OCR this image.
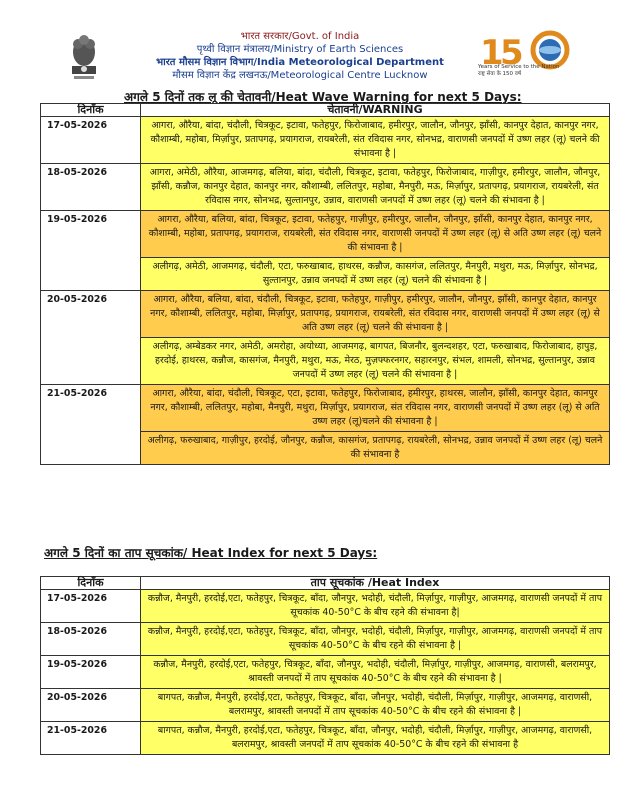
भारत सरकार/Govt. of India
पृथ्वी विज्ञान मंत्रालय/Ministry of Earth Sciences
भारत मौसम विज्ञान विभाग/India Meteorological Department
मौसम विज्ञान केंद्र लखनऊ/Meteorological Centre Lucknow
1
5
Years of Service to the Nation
राष्ट्र सेवा के 150 वर्ष
अगले 5 दिनों तक लू की चेतावनी/Heat Wave Warning for next 5 Days:
दिनाँक	चेतावनी/WARNING
17-05-2026	आगरा, औरैया, बांदा, चंदौली, चित्रकूट, इटावा, फतेहपुर, फिरोजाबाद, हमीरपुर, जालौन, जौनपुर, झाँसी, कानपुर देहात, कानपुर नगर, कौशाम्बी, महोबा, मिर्ज़ापुर, प्रतापगढ़, प्रयागराज, रायबरेली, संत रविदास नगर, सोनभद्र, वाराणसी जनपदों में उष्ण लहर (लू) चलने की संभावना है |
18-05-2026	आगरा, अमेठी, औरैया, आजमगढ़, बलिया, बांदा, चंदौली, चित्रकूट, इटावा, फतेहपुर, फिरोजाबाद, गाज़ीपुर, हमीरपुर, जालौन, जौनपुर, झाँसी, कन्नौज, कानपुर देहात, कानपुर नगर, कौशाम्बी, ललितपुर, महोबा, मैनपुरी, मऊ, मिर्ज़ापुर, प्रतापगढ़, प्रयागराज, रायबरेली, संत रविदास नगर, सोनभद्र, सुल्तानपुर, उन्नाव, वाराणसी जनपदों में उष्ण लहर (लू) चलने की संभावना है |
19-05-2026	आगरा, औरैया, बलिया, बांदा, चित्रकूट, इटावा, फतेहपुर, गाज़ीपुर, हमीरपुर, जालौन, जौनपुर, झाँसी, कानपुर देहात, कानपुर नगर, कौशाम्बी, महोबा, प्रतापगढ़, प्रयागराज, रायबरेली, संत रविदास नगर, वाराणसी जनपदों में उष्ण लहर (लू) से अति उष्ण लहर (लू) चलने की संभावना है |
	अलीगढ़, अमेठी, आजमगढ़, चंदौली, एटा, फरुखाबाद, हाथरस, कन्नौज, कासगंज, ललितपुर, मैनपुरी, मथुरा, मऊ, मिर्ज़ापुर, सोनभद्र, सुल्तानपुर, उन्नाव जनपदों में उष्ण लहर (लू) चलने की संभावना है |
20-05-2026	आगरा, औरैया, बलिया, बांदा, चंदौली, चित्रकूट, इटावा, फतेहपुर, गाज़ीपुर, हमीरपुर, जालौन, जौनपुर, झाँसी, कानपुर देहात, कानपुर नगर, कौशाम्बी, ललितपुर, महोबा, मिर्ज़ापुर, प्रतापगढ़, प्रयागराज, रायबरेली, संत रविदास नगर, वाराणसी जनपदों में उष्ण लहर (लू) से अति उष्ण लहर (लू) चलने की संभावना है |
	अलीगढ़, अम्बेडकर नगर, अमेठी, अमरोहा, अयोध्या, आजमगढ़, बागपत, बिजनौर, बुलन्दशहर, एटा, फरुखाबाद, फिरोजाबाद, हापुड़, हरदोई, हाथरस, कन्नौज, कासगंज, मैनपुरी, मथुरा, मऊ, मेरठ, मुज़फ्फरनगर, सहारनपुर, संभल, शामली, सोनभद्र, सुल्तानपुर, उन्नाव जनपदों में उष्ण लहर (लू) चलने की संभावना है |
21-05-2026	आगरा, औरैया, बांदा, चंदौली, चित्रकूट, एटा, इटावा, फतेहपुर, फिरोजाबाद, हमीरपुर, हाथरस, जालौन, झाँसी, कानपुर देहात, कानपुर नगर, कौशाम्बी, ललितपुर, महोबा, मैनपुरी, मथुरा, मिर्ज़ापुर, प्रयागराज, संत रविदास नगर, वाराणसी जनपदों में उष्ण लहर (लू) से अति उष्ण लहर (लू)चलने की संभावना है |
	अलीगढ़, फरुखाबाद, गाज़ीपुर, हरदोई, जौनपुर, कन्नौज, कासगंज, प्रतापगढ़, रायबरेली, सोनभद्र, उन्नाव जनपदों में उष्ण लहर (लू) चलने की संभावना है
अगले 5 दिनों का ताप सूचकांक/ Heat Index for next 5 Days:
दिनाँक	ताप सूचकांक /Heat Index
17-05-2026	कन्नौज, मैनपुरी, हरदोई,एटा, फतेहपुर, चित्रकूट, बाँदा, जौनपुर, भदोही, चंदौली, मिर्ज़ापुर, गाज़ीपुर, आजमगढ़, वाराणसी जनपदों में ताप सूचकांक 40-50°C के बीच रहने की संभावना है|
18-05-2026	कन्नौज, मैनपुरी, हरदोई,एटा, फतेहपुर, चित्रकूट, बाँदा, जौनपुर, भदोही, चंदौली, मिर्ज़ापुर, गाज़ीपुर, आजमगढ़, वाराणसी जनपदों में ताप सूचकांक 40-50°C के बीच रहने की संभावना है |
19-05-2026	कन्नौज, मैनपुरी, हरदोई,एटा, फतेहपुर, चित्रकूट, बाँदा, जौनपुर, भदोही, चंदौली, मिर्ज़ापुर, गाज़ीपुर, आजमगढ़, वाराणसी, बलरामपुर, श्रावस्ती जनपदों में ताप सूचकांक 40-50°C के बीच रहने की संभावना है |
20-05-2026	बागपत, कन्नौज, मैनपुरी, हरदोई,एटा, फतेहपुर, चित्रकूट, बाँदा, जौनपुर, भदोही, चंदौली, मिर्ज़ापुर, गाज़ीपुर, आजमगढ़, वाराणसी, बलरामपुर, श्रावस्ती जनपदों में ताप सूचकांक 40-50°C के बीच रहने की संभावना है |
21-05-2026	बागपत, कन्नौज, मैनपुरी, हरदोई,एटा, फतेहपुर, चित्रकूट, बाँदा, जौनपुर, भदोही, चंदौली, मिर्ज़ापुर, गाज़ीपुर, आजमगढ़, वाराणसी, बलरामपुर, श्रावस्ती जनपदों में ताप सूचकांक 40-50°C के बीच रहने की संभावना है
